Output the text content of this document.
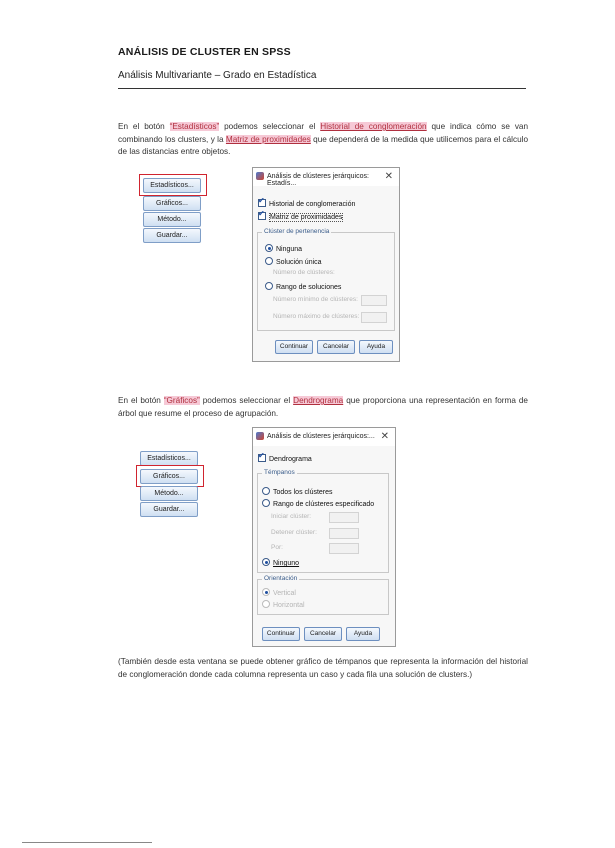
ANÁLISIS DE CLUSTER EN SPSS
Análisis Multivariante – Grado en Estadística
En el botón “Estadísticos” podemos seleccionar el Historial de conglomeración que indica cómo se van combinando los clusters, y la Matriz de proximidades que dependerá de la medida que utilicemos para el cálculo de las distancias entre objetos.
Estadísticos...
Gráficos...
Método...
Guardar...
Análisis de clústeres jerárquicos: Estadís...
✕
✔Historial de conglomeración
✔Matriz de proximidades
Clúster de pertenencia
Ninguna
Solución única
Número de clústeres:
Rango de soluciones
Número mínimo de clústeres:
Número máximo de clústeres:
Continuar	Cancelar	Ayuda
En el botón “Gráficos” podemos seleccionar el Dendrograma que proporciona una representación en forma de árbol que resume el proceso de agrupación.
Estadísticos...
Gráficos...
Método...
Guardar...
Análisis de clústeres jerárquicos:... ✕
✔Dendrograma
Témpanos
Todos los clústeres
Rango de clústeres especificado
Iniciar clúster:
Detener clúster:
Por:
Ninguno
Orientación
Vertical
Horizontal
Continuar	Cancelar	Ayuda
(También desde esta ventana se puede obtener gráfico de témpanos que representa la información del historial de conglomeración donde cada columna representa un caso y cada fila una solución de clusters.)
